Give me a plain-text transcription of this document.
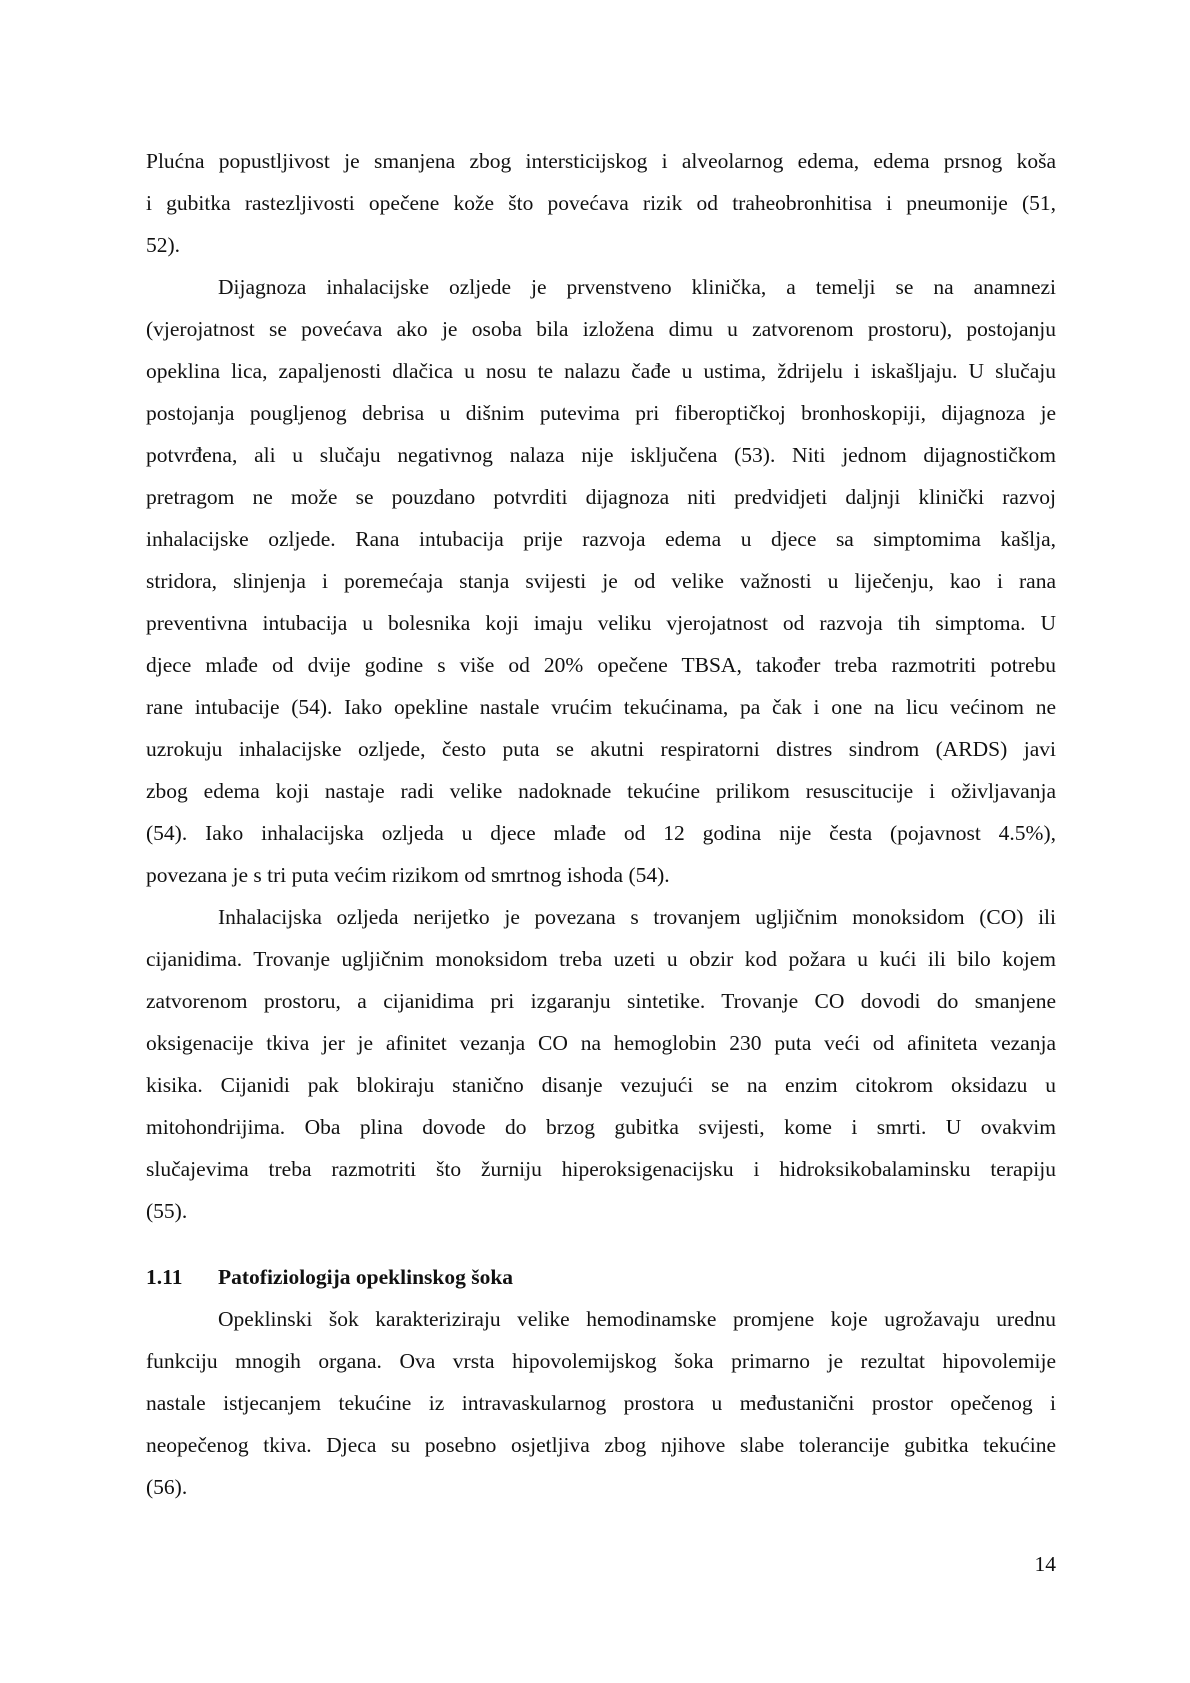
Plućna popustljivost je smanjena zbog intersticijskog i alveolarnog edema, edema prsnog koša
i gubitka rastezljivosti opečene kože što povećava rizik od traheobronhitisa i pneumonije (51,
52).
Dijagnoza inhalacijske ozljede je prvenstveno klinička, a temelji se na anamnezi
(vjerojatnost se povećava ako je osoba bila izložena dimu u zatvorenom prostoru), postojanju
opeklina lica, zapaljenosti dlačica u nosu te nalazu čađe u ustima, ždrijelu i iskašljaju. U slučaju
postojanja pougljenog debrisa u dišnim putevima pri fiberoptičkoj bronhoskopiji, dijagnoza je
potvrđena, ali u slučaju negativnog nalaza nije isključena (53). Niti jednom dijagnostičkom
pretragom ne može se pouzdano potvrditi dijagnoza niti predvidjeti daljnji klinički razvoj
inhalacijske ozljede. Rana intubacija prije razvoja edema u djece sa simptomima kašlja,
stridora, slinjenja i poremećaja stanja svijesti je od velike važnosti u liječenju, kao i rana
preventivna intubacija u bolesnika koji imaju veliku vjerojatnost od razvoja tih simptoma. U
djece mlađe od dvije godine s više od 20% opečene TBSA, također treba razmotriti potrebu
rane intubacije (54). Iako opekline nastale vrućim tekućinama, pa čak i one na licu većinom ne
uzrokuju inhalacijske ozljede, često puta se akutni respiratorni distres sindrom (ARDS) javi
zbog edema koji nastaje radi velike nadoknade tekućine prilikom resuscitucije i oživljavanja
(54). Iako inhalacijska ozljeda u djece mlađe od 12 godina nije česta (pojavnost 4.5%),
povezana je s tri puta većim rizikom od smrtnog ishoda (54).
Inhalacijska ozljeda nerijetko je povezana s trovanjem ugljičnim monoksidom (CO) ili
cijanidima. Trovanje ugljičnim monoksidom treba uzeti u obzir kod požara u kući ili bilo kojem
zatvorenom prostoru, a cijanidima pri izgaranju sintetike. Trovanje CO dovodi do smanjene
oksigenacije tkiva jer je afinitet vezanja CO na hemoglobin 230 puta veći od afiniteta vezanja
kisika. Cijanidi pak blokiraju stanično disanje vezujući se na enzim citokrom oksidazu u
mitohondrijima. Oba plina dovode do brzog gubitka svijesti, kome i smrti. U ovakvim
slučajevima treba razmotriti što žurniju hiperoksigenacijsku i hidroksikobalaminsku terapiju
(55).
1.11 Patofiziologija opeklinskog šoka
Opeklinski šok karakteriziraju velike hemodinamske promjene koje ugrožavaju urednu
funkciju mnogih organa. Ova vrsta hipovolemijskog šoka primarno je rezultat hipovolemije
nastale istjecanjem tekućine iz intravaskularnog prostora u međustanični prostor opečenog i
neopečenog tkiva. Djeca su posebno osjetljiva zbog njihove slabe tolerancije gubitka tekućine
(56).
14
